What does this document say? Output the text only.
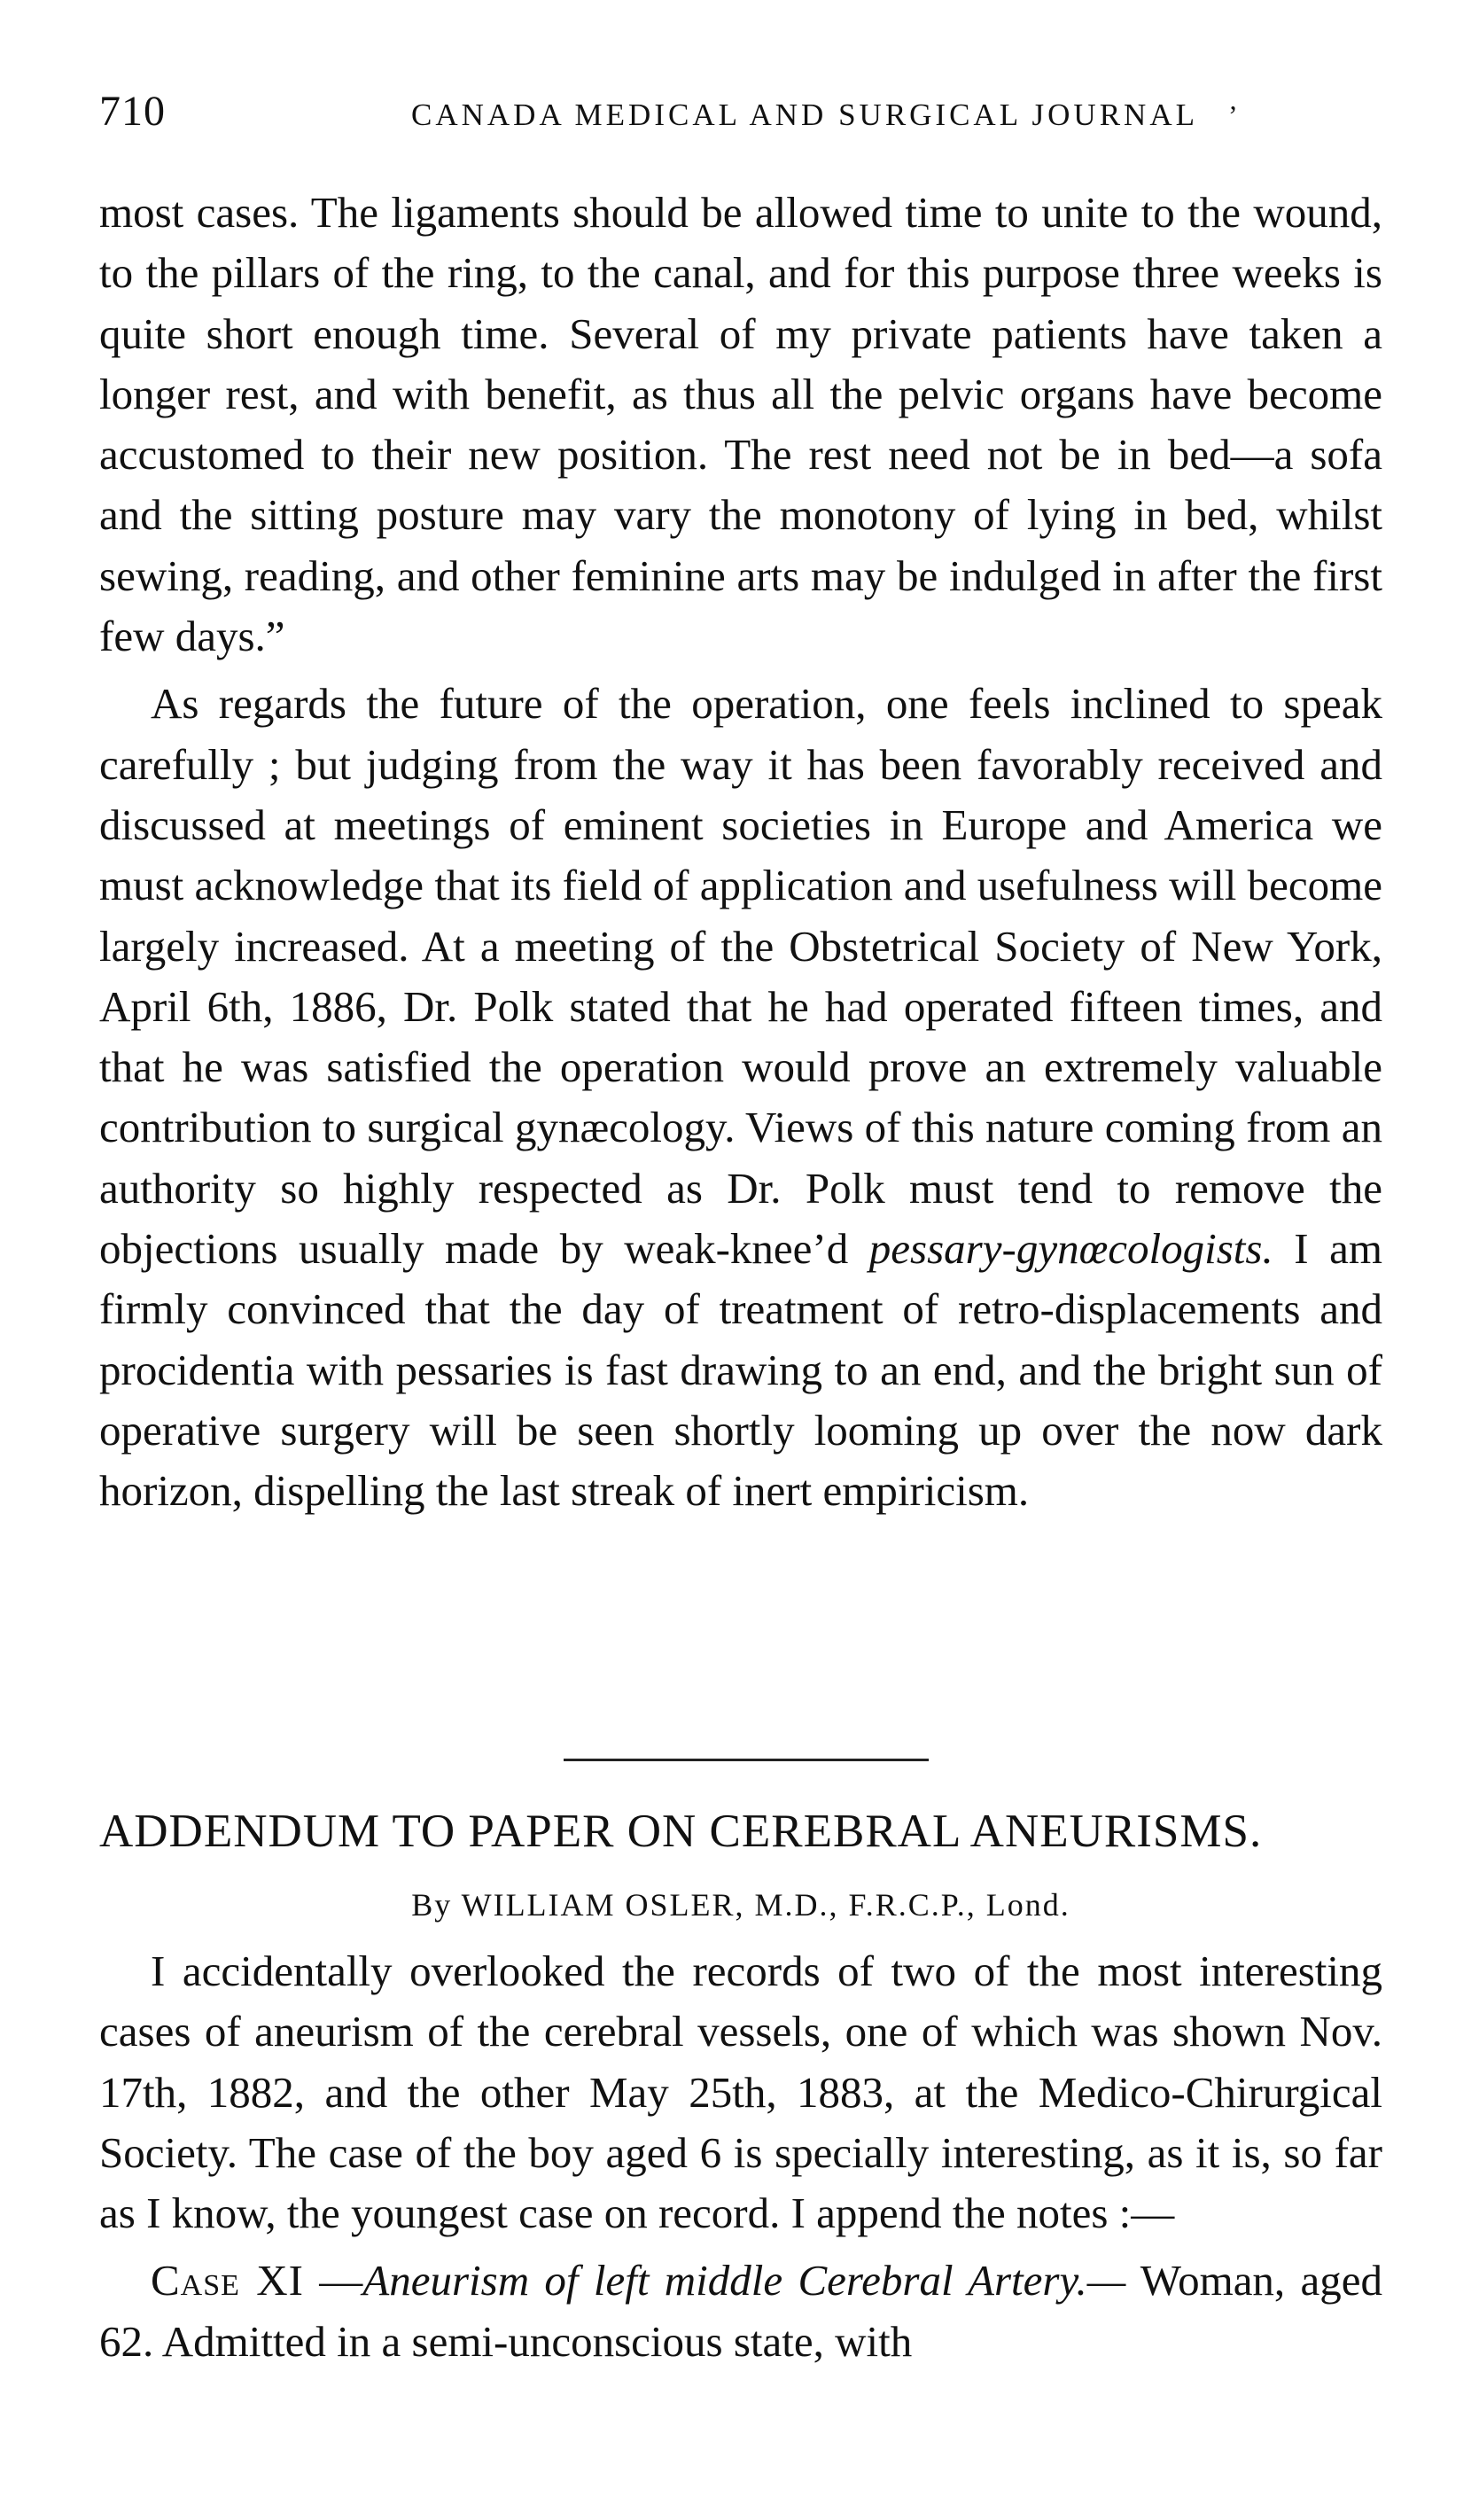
710	CANADA MEDICAL AND SURGICAL JOURNAL ’

most cases. The ligaments should be allowed time to unite to the wound, to the pillars of the ring, to the canal, and for this purpose three weeks is quite short enough time. Several of my private patients have taken a longer rest, and with benefit, as thus all the pelvic organs have become accustomed to their new position. The rest need not be in bed—a sofa and the sitting posture may vary the monotony of lying in bed, whilst sewing, reading, and other feminine arts may be indulged in after the first few days.”

As regards the future of the operation, one feels inclined to speak carefully ; but judging from the way it has been favorably received and discussed at meetings of eminent societies in Europe and America we must acknowledge that its field of application and usefulness will become largely increased. At a meeting of the Obstetrical Society of New York, April 6th, 1886, Dr. Polk stated that he had operated fifteen times, and that he was satisfied the operation would prove an extremely valuable contribution to surgical gynæcology. Views of this nature coming from an authority so highly respected as Dr. Polk must tend to remove the objections usually made by weak-knee’d pessary-gynœcologists. I am firmly convinced that the day of treatment of retro-displacements and procidentia with pessaries is fast drawing to an end, and the bright sun of operative surgery will be seen shortly looming up over the now dark horizon, dispelling the last streak of inert empiricism.

ADDENDUM TO PAPER ON CEREBRAL ANEURISMS.
By WILLIAM OSLER, M.D., F.R.C.P., Lond.

I accidentally overlooked the records of two of the most interesting cases of aneurism of the cerebral vessels, one of which was shown Nov. 17th, 1882, and the other May 25th, 1883, at the Medico-Chirurgical Society. The case of the boy aged 6 is specially interesting, as it is, so far as I know, the youngest case on record. I append the notes :—

Case XI —Aneurism of left middle Cerebral Artery.— Woman, aged 62. Admitted in a semi-unconscious state, with
